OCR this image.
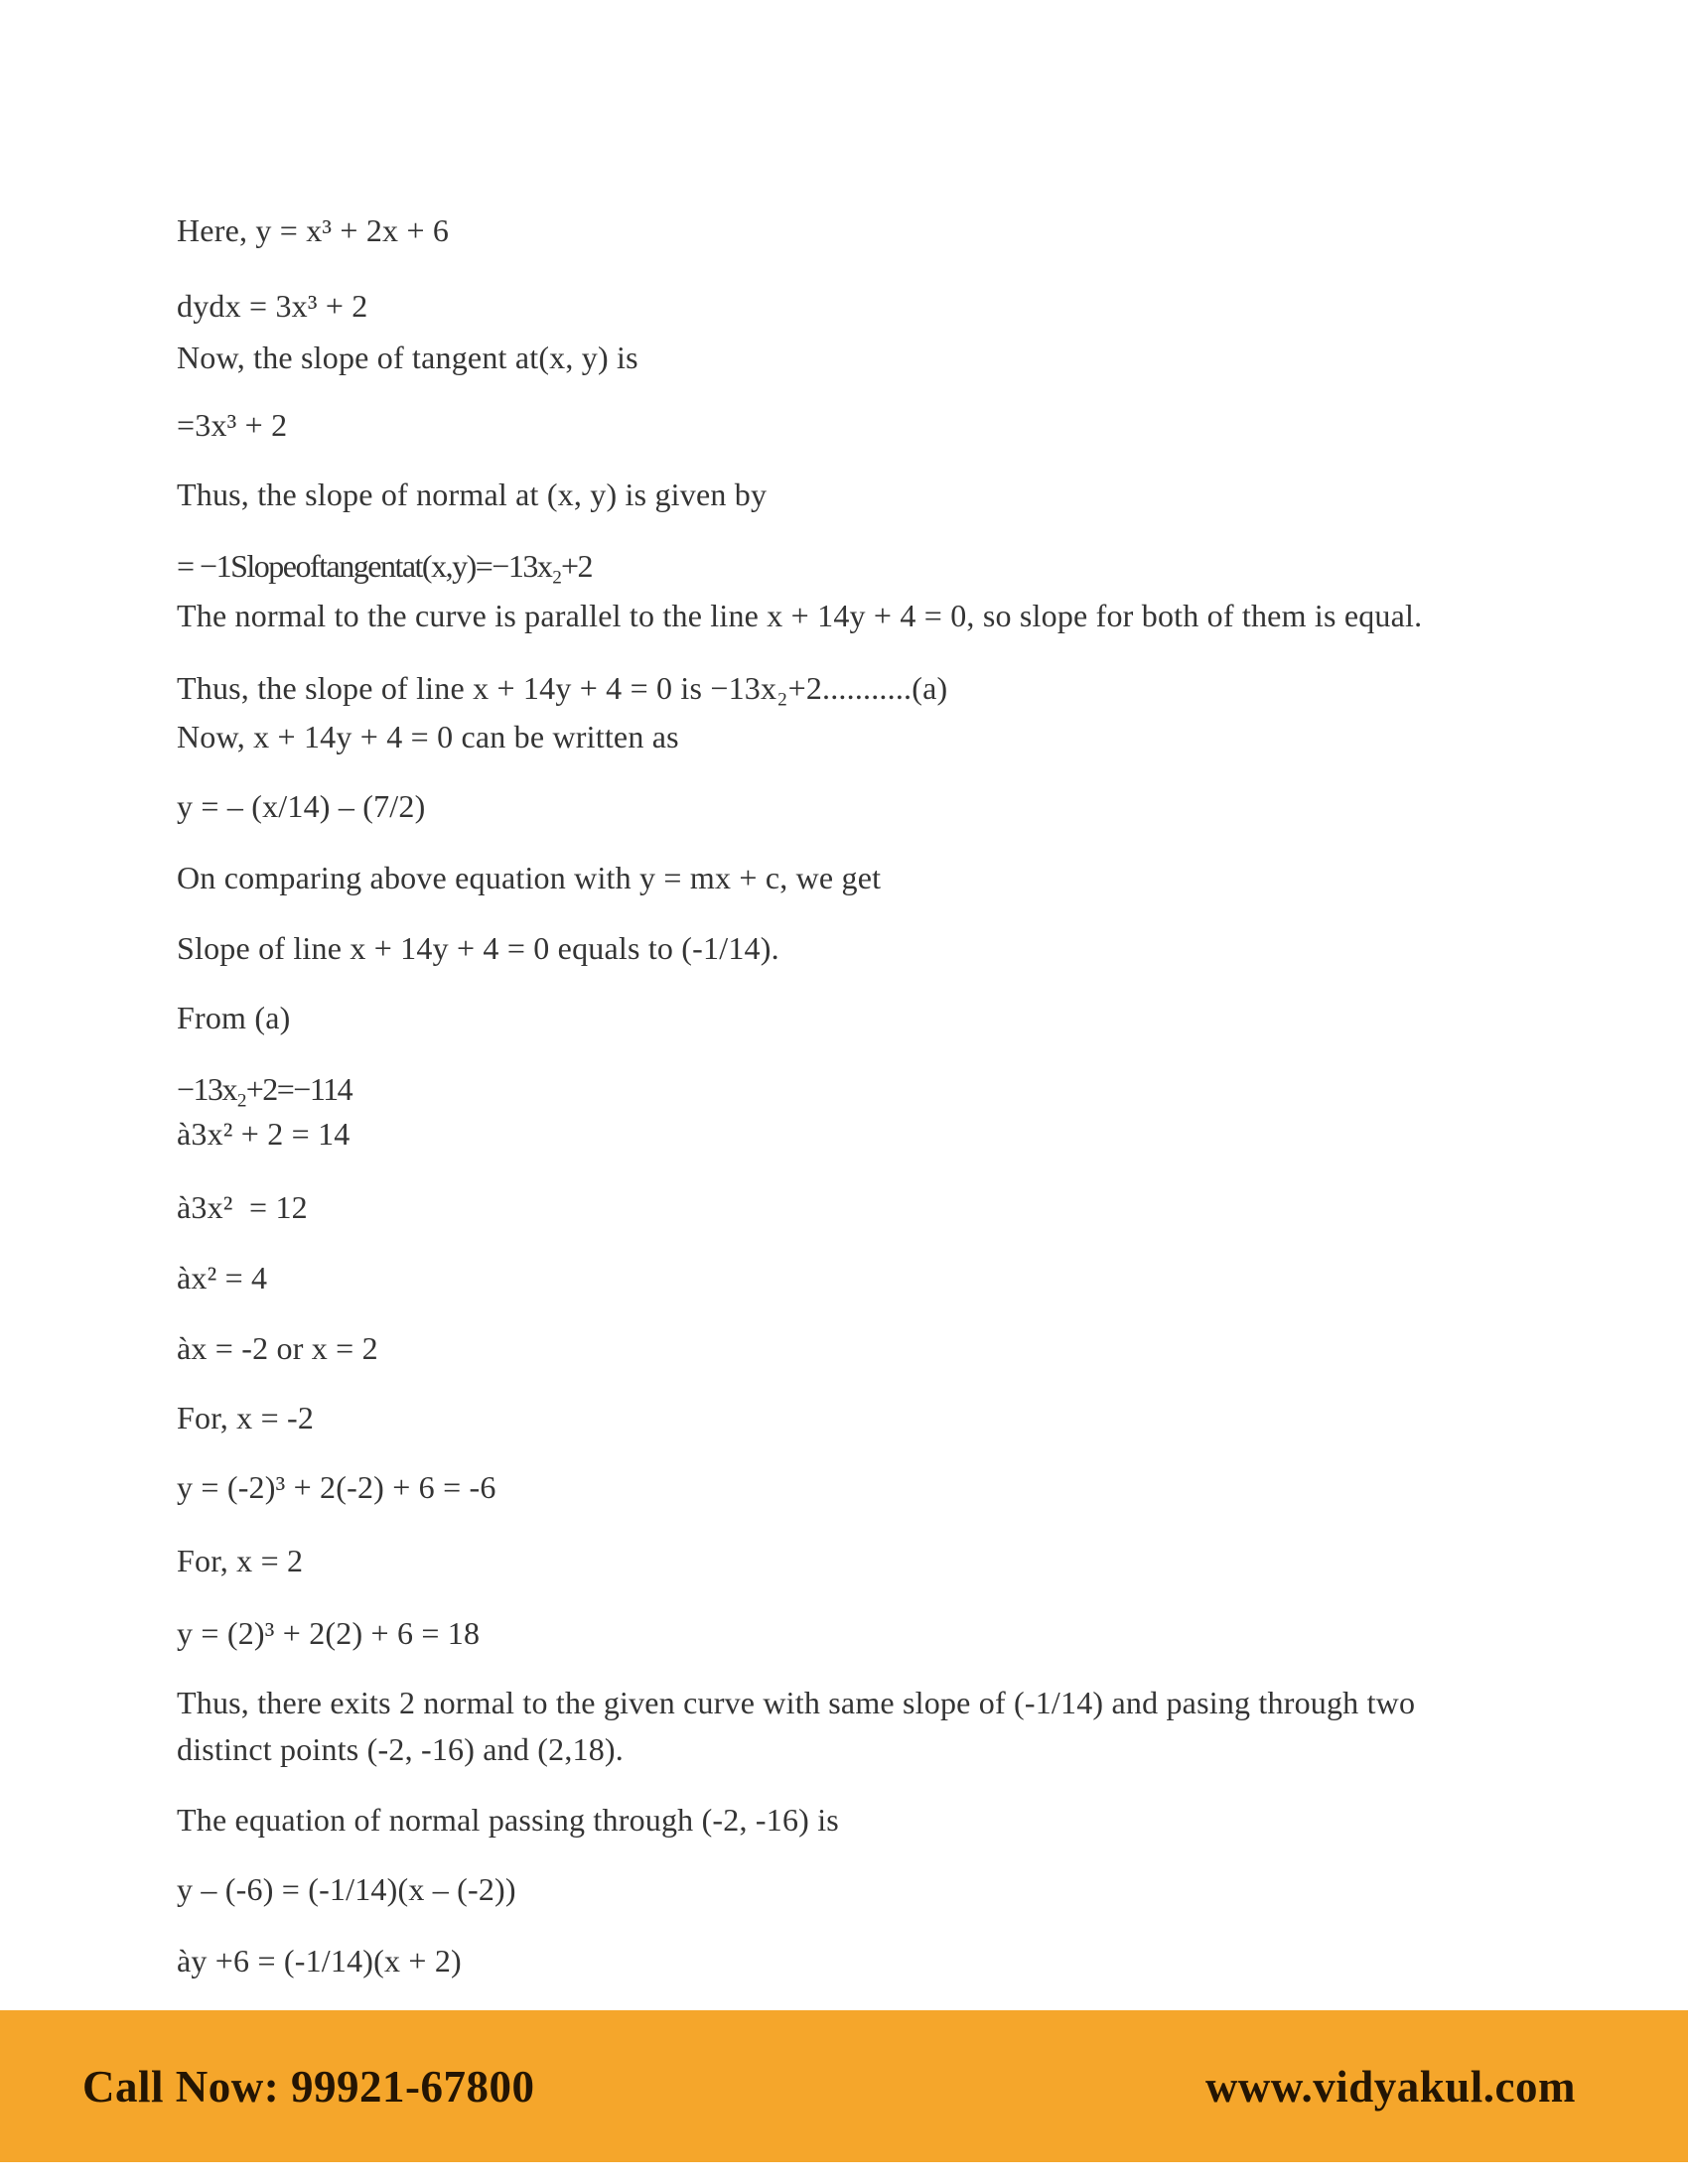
Here, y = x³ + 2x + 6
dydx = 3x³ + 2
Now, the slope of tangent at(x, y) is
=3x³ + 2
Thus, the slope of normal at (x, y) is given by
= −1Slopeoftangentat(x,y)=−13x₂+2
The normal to the curve is parallel to the line x + 14y + 4 = 0, so slope for both of them is equal.
Thus, the slope of line x + 14y + 4 = 0 is −13x₂+2...........(a)
Now, x + 14y + 4 = 0 can be written as
y = – (x/14) – (7/2)
On comparing above equation with y = mx + c, we get
Slope of line x + 14y + 4 = 0 equals to (-1/14).
From (a)
−13x₂+2=−114
à3x² + 2 = 14
à3x²  = 12
àx² = 4
àx = -2 or x = 2
For, x = -2
y = (-2)³ + 2(-2) + 6 = -6
For, x = 2
y = (2)³ + 2(2) + 6 = 18
Thus, there exits 2 normal to the given curve with same slope of (-1/14) and pasing through two
distinct points (-2, -16) and (2,18).
The equation of normal passing through (-2, -16) is
y – (-6) = (-1/14)(x – (-2))
ày +6 = (-1/14)(x + 2)
Call Now: 99921-67800	www.vidyakul.com
